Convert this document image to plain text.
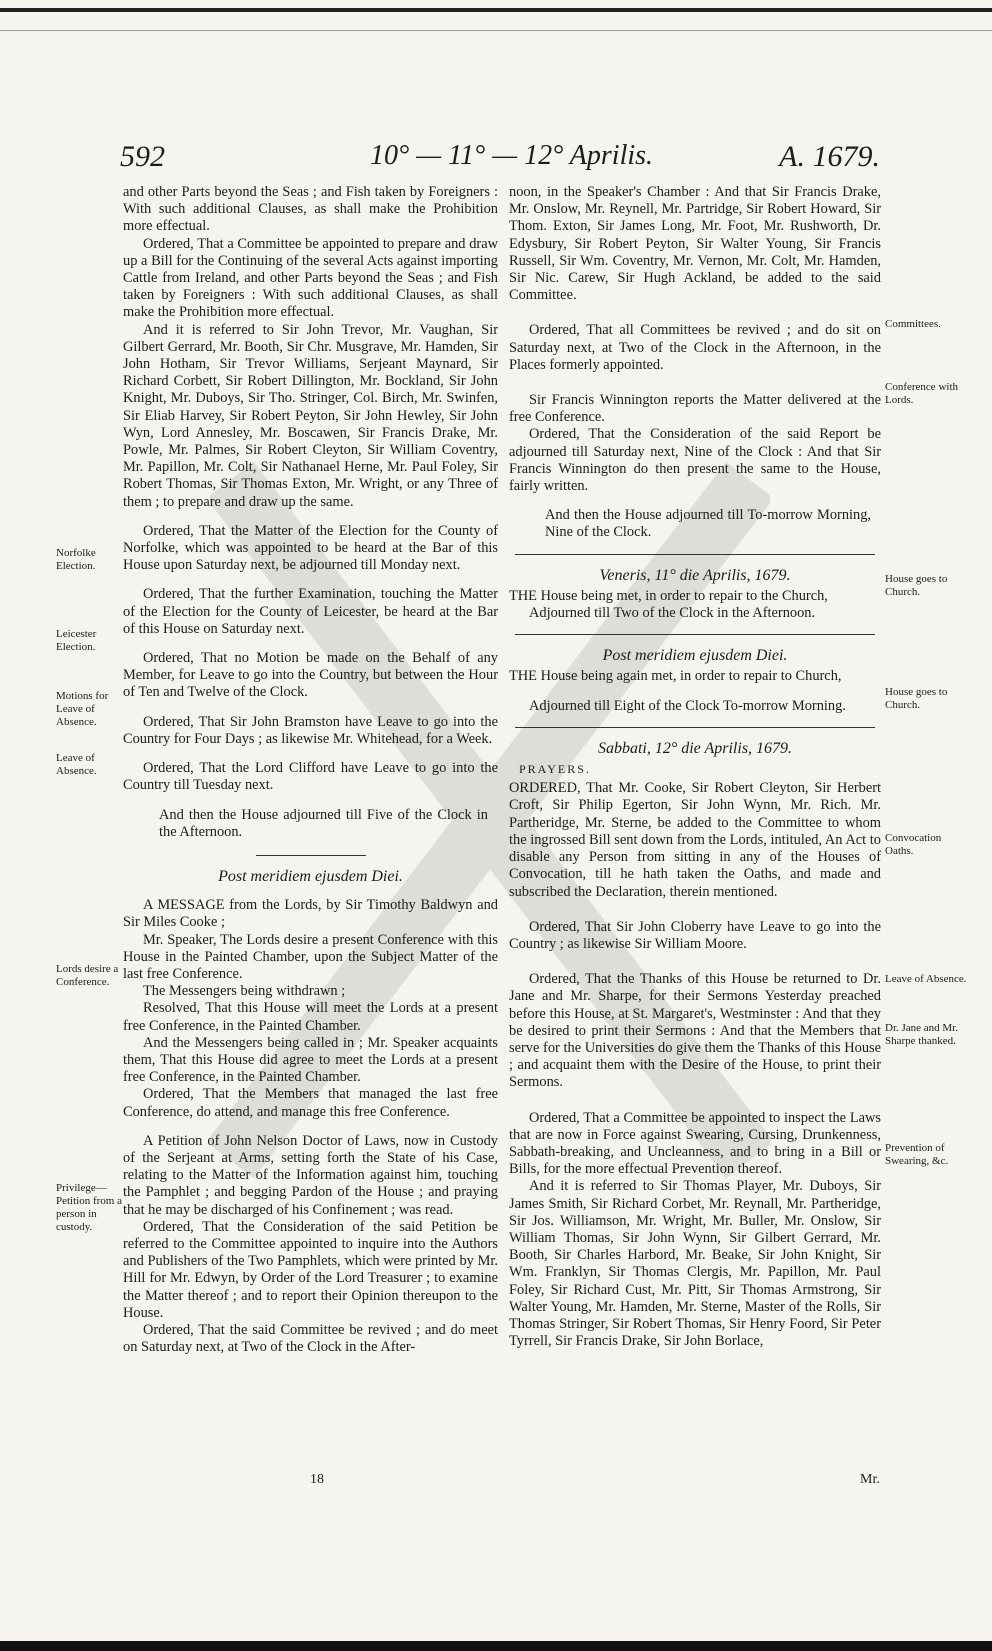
592	10° — 11° — 12° Aprilis.	A. 1679.

and other Parts beyond the Seas ; and Fish taken by Foreigners : With such additional Clauses, as shall make the Prohibition more effectual.

Ordered, That a Committee be appointed to prepare and draw up a Bill for the Continuing of the several Acts against importing Cattle from Ireland, and other Parts beyond the Seas ; and Fish taken by Foreigners : With such additional Clauses, as shall make the Prohibition more effectual.

And it is referred to Sir John Trevor, Mr. Vaughan, Sir Gilbert Gerrard, Mr. Booth, Sir Chr. Musgrave, Mr. Hamden, Sir John Hotham, Sir Trevor Williams, Serjeant Maynard, Sir Richard Corbett, Sir Robert Dillington, Mr. Bockland, Sir John Knight, Mr. Duboys, Sir Tho. Stringer, Col. Birch, Mr. Swinfen, Sir Eliab Harvey, Sir Robert Peyton, Sir John Hewley, Sir John Wyn, Lord Annesley, Mr. Boscawen, Sir Francis Drake, Mr. Powle, Mr. Palmes, Sir Robert Cleyton, Sir William Coventry, Mr. Papillon, Mr. Colt, Sir Nathanael Herne, Mr. Paul Foley, Sir Robert Thomas, Sir Thomas Exton, Mr. Wright, or any Three of them ; to prepare and draw up the same.

Ordered, That the Matter of the Election for the County of Norfolke, which was appointed to be heard at the Bar of this House upon Saturday next, be adjourned till Monday next.

Ordered, That the further Examination, touching the Matter of the Election for the County of Leicester, be heard at the Bar of this House on Saturday next.

Ordered, That no Motion be made on the Behalf of any Member, for Leave to go into the Country, but between the Hour of Ten and Twelve of the Clock.

Ordered, That Sir John Bramston have Leave to go into the Country for Four Days ; as likewise Mr. Whitehead, for a Week.

Ordered, That the Lord Clifford have Leave to go into the Country till Tuesday next.

And then the House adjourned till Five of the Clock in the Afternoon.

Post meridiem ejusdem Diei.

A MESSAGE from the Lords, by Sir Timothy Baldwyn and Sir Miles Cooke ;

Mr. Speaker, The Lords desire a present Conference with this House in the Painted Chamber, upon the Subject Matter of the last free Conference.

The Messengers being withdrawn ;

Resolved, That this House will meet the Lords at a present free Conference, in the Painted Chamber.

And the Messengers being called in ; Mr. Speaker acquaints them, That this House did agree to meet the Lords at a present free Conference, in the Painted Chamber.

Ordered, That the Members that managed the last free Conference, do attend, and manage this free Conference.

A Petition of John Nelson Doctor of Laws, now in Custody of the Serjeant at Arms, setting forth the State of his Case, relating to the Matter of the Information against him, touching the Pamphlet ; and begging Pardon of the House ; and praying that he may be discharged of his Confinement ; was read.

Ordered, That the Consideration of the said Petition be referred to the Committee appointed to inquire into the Authors and Publishers of the Two Pamphlets, which were printed by Mr. Hill for Mr. Edwyn, by Order of the Lord Treasurer ; to examine the Matter thereof ; and to report their Opinion thereupon to the House.

Ordered, That the said Committee be revived ; and do meet on Saturday next, at Two of the Clock in the After-

noon, in the Speaker's Chamber : And that Sir Francis Drake, Mr. Onslow, Mr. Reynell, Mr. Partridge, Sir Robert Howard, Sir Thom. Exton, Sir James Long, Mr. Foot, Mr. Rushworth, Dr. Edysbury, Sir Robert Peyton, Sir Walter Young, Sir Francis Russell, Sir Wm. Coventry, Mr. Vernon, Mr. Colt, Mr. Hamden, Sir Nic. Carew, Sir Hugh Ackland, be added to the said Committee.

Ordered, That all Committees be revived ; and do sit on Saturday next, at Two of the Clock in the Afternoon, in the Places formerly appointed.

Sir Francis Winnington reports the Matter delivered at the free Conference.

Ordered, That the Consideration of the said Report be adjourned till Saturday next, Nine of the Clock : And that Sir Francis Winnington do then present the same to the House, fairly written.

And then the House adjourned till To-morrow Morning, Nine of the Clock.

Veneris, 11° die Aprilis, 1679.

THE House being met, in order to repair to the Church,

Adjourned till Two of the Clock in the Afternoon.

Post meridiem ejusdem Diei.

THE House being again met, in order to repair to Church,

Adjourned till Eight of the Clock To-morrow Morning.

Sabbati, 12° die Aprilis, 1679.

PRAYERS.

ORDERED, That Mr. Cooke, Sir Robert Cleyton, Sir Herbert Croft, Sir Philip Egerton, Sir John Wynn, Mr. Rich. Mr. Partheridge, Mr. Sterne, be added to the Committee to whom the ingrossed Bill sent down from the Lords, intituled, An Act to disable any Person from sitting in any of the Houses of Convocation, till he hath taken the Oaths, and made and subscribed the Declaration, therein mentioned.

Ordered, That Sir John Cloberry have Leave to go into the Country ; as likewise Sir William Moore.

Ordered, That the Thanks of this House be returned to Dr. Jane and Mr. Sharpe, for their Sermons Yesterday preached before this House, at St. Margaret's, Westminster : And that they be desired to print their Sermons : And that the Members that serve for the Universities do give them the Thanks of this House ; and acquaint them with the Desire of the House, to print their Sermons.

Ordered, That a Committee be appointed to inspect the Laws that are now in Force against Swearing, Cursing, Drunkenness, Sabbath-breaking, and Uncleanness, and to bring in a Bill or Bills, for the more effectual Prevention thereof.

And it is referred to Sir Thomas Player, Mr. Duboys, Sir James Smith, Sir Richard Corbet, Mr. Reynall, Mr. Partheridge, Sir Jos. Williamson, Mr. Wright, Mr. Buller, Mr. Onslow, Sir William Thomas, Sir John Wynn, Sir Gilbert Gerrard, Mr. Booth, Sir Charles Harbord, Mr. Beake, Sir John Knight, Sir Wm. Franklyn, Sir Thomas Clergis, Mr. Papillon, Mr. Paul Foley, Sir Richard Cust, Mr. Pitt, Sir Thomas Armstrong, Sir Walter Young, Mr. Hamden, Mr. Sterne, Master of the Rolls, Sir Thomas Stringer, Sir Robert Thomas, Sir Henry Foord, Sir Peter Tyrrell, Sir Francis Drake, Sir John Borlace,

Norfolke Election.
Leicester Election.
Motions for Leave of Absence.
Leave of Absence.
Lords desire a Conference.
Privilege— Petition from a person in custody.
Committees.
Conference with Lords.
House goes to Church.
House goes to Church.
Convocation Oaths.
Leave of Absence.
Dr. Jane and Mr. Sharpe thanked.
Prevention of Swearing, &c.
18	Mr.
